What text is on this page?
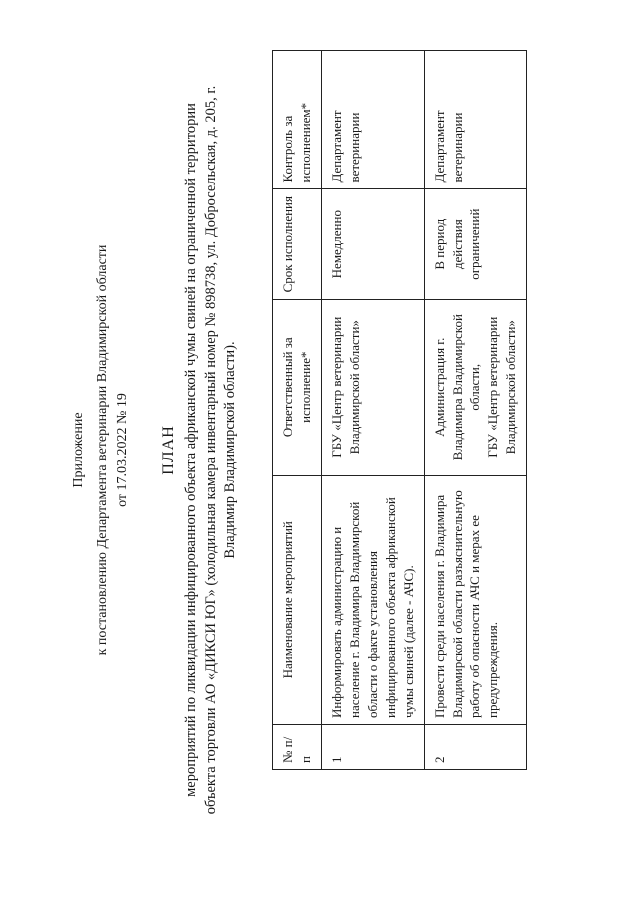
Приложение к постановлению Департамента ветеринарии Владимирской области от 17.03.2022 № 19 ПЛАН мероприятий по ликвидации инфицированного объекта африканской чумы свиней на ограниченной территории объекта торговли АО «ДИКСИ ЮГ» (холодильная камера инвентарный номер № 898738, ул. Добросельская, д. 205, г. Владимир Владимирской области).
№ п/п	Наименование мероприятий	Ответственный за исполнение*	Срок исполнения	Контроль за исполнением*
1	Информировать администрацию и население г. Владимира Владимирской области о факте установления инфицированного объекта африканской чумы свиней (далее - АЧС).	ГБУ «Центр ветеринарии Владимирской области»	Немедленно	Департамент ветеринарии
2	Провести среди населения г. Владимира Владимирской области разъяснительную работу об опасности АЧС и мерах ее предупреждения.	Администрация г. Владимира Владимирской области, ГБУ «Центр ветеринарии Владимирской области»	В период действия ограничений	Департамент ветеринарии
